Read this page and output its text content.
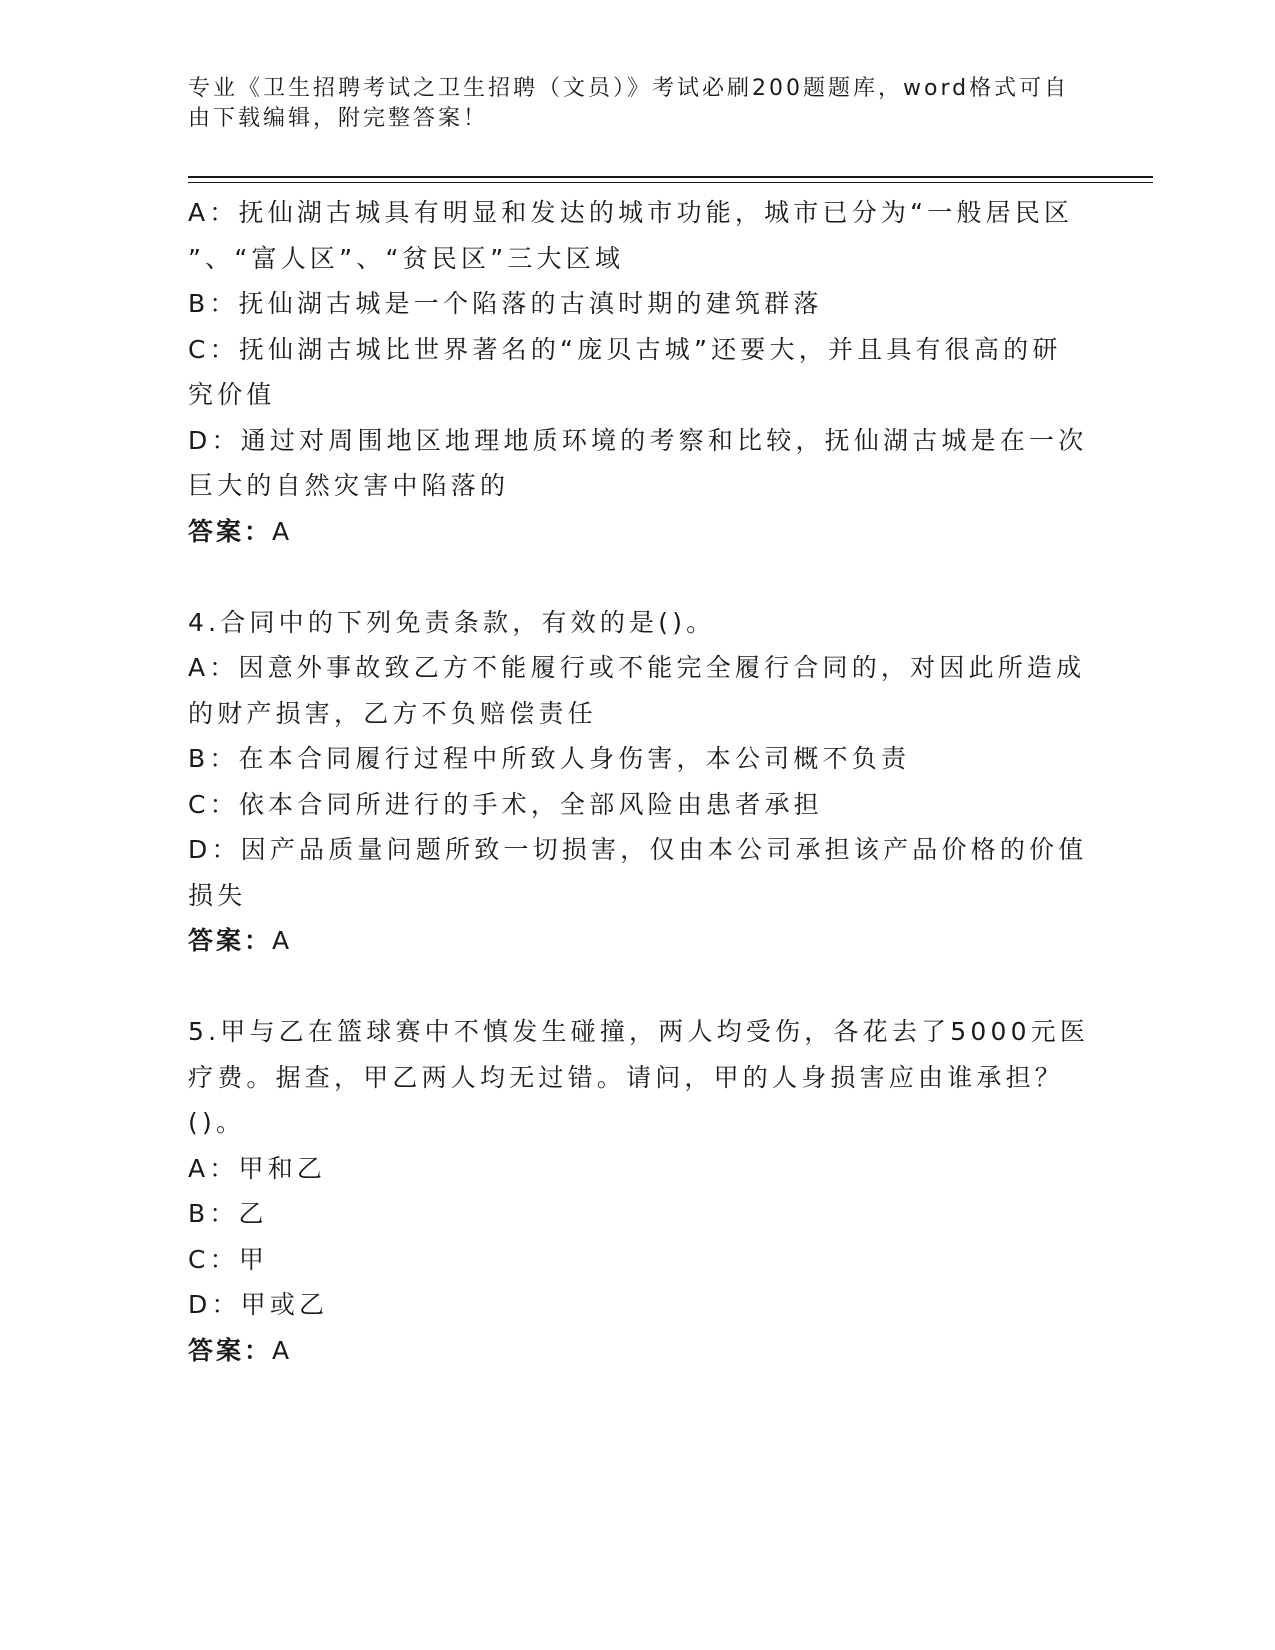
专业《卫生招聘考试之卫生招聘（文员）》考试必刷200题题库，word格式可自
由下载编辑，附完整答案！
A：抚仙湖古城具有明显和发达的城市功能，城市已分为“一般居民区
”、“富人区”、“贫民区”三大区域
B：抚仙湖古城是一个陷落的古滇时期的建筑群落
C：抚仙湖古城比世界著名的“庞贝古城”还要大，并且具有很高的研
究价值
D：通过对周围地区地理地质环境的考察和比较，抚仙湖古城是在一次
巨大的自然灾害中陷落的
答案：A
4.合同中的下列免责条款，有效的是()。
A：因意外事故致乙方不能履行或不能完全履行合同的，对因此所造成
的财产损害，乙方不负赔偿责任
B：在本合同履行过程中所致人身伤害，本公司概不负责
C：依本合同所进行的手术，全部风险由患者承担
D：因产品质量问题所致一切损害，仅由本公司承担该产品价格的价值
损失
答案：A
5.甲与乙在篮球赛中不慎发生碰撞，两人均受伤，各花去了5000元医
疗费。据查，甲乙两人均无过错。请问，甲的人身损害应由谁承担？
()。
A：甲和乙
B：乙
C：甲
D：甲或乙
答案：A
